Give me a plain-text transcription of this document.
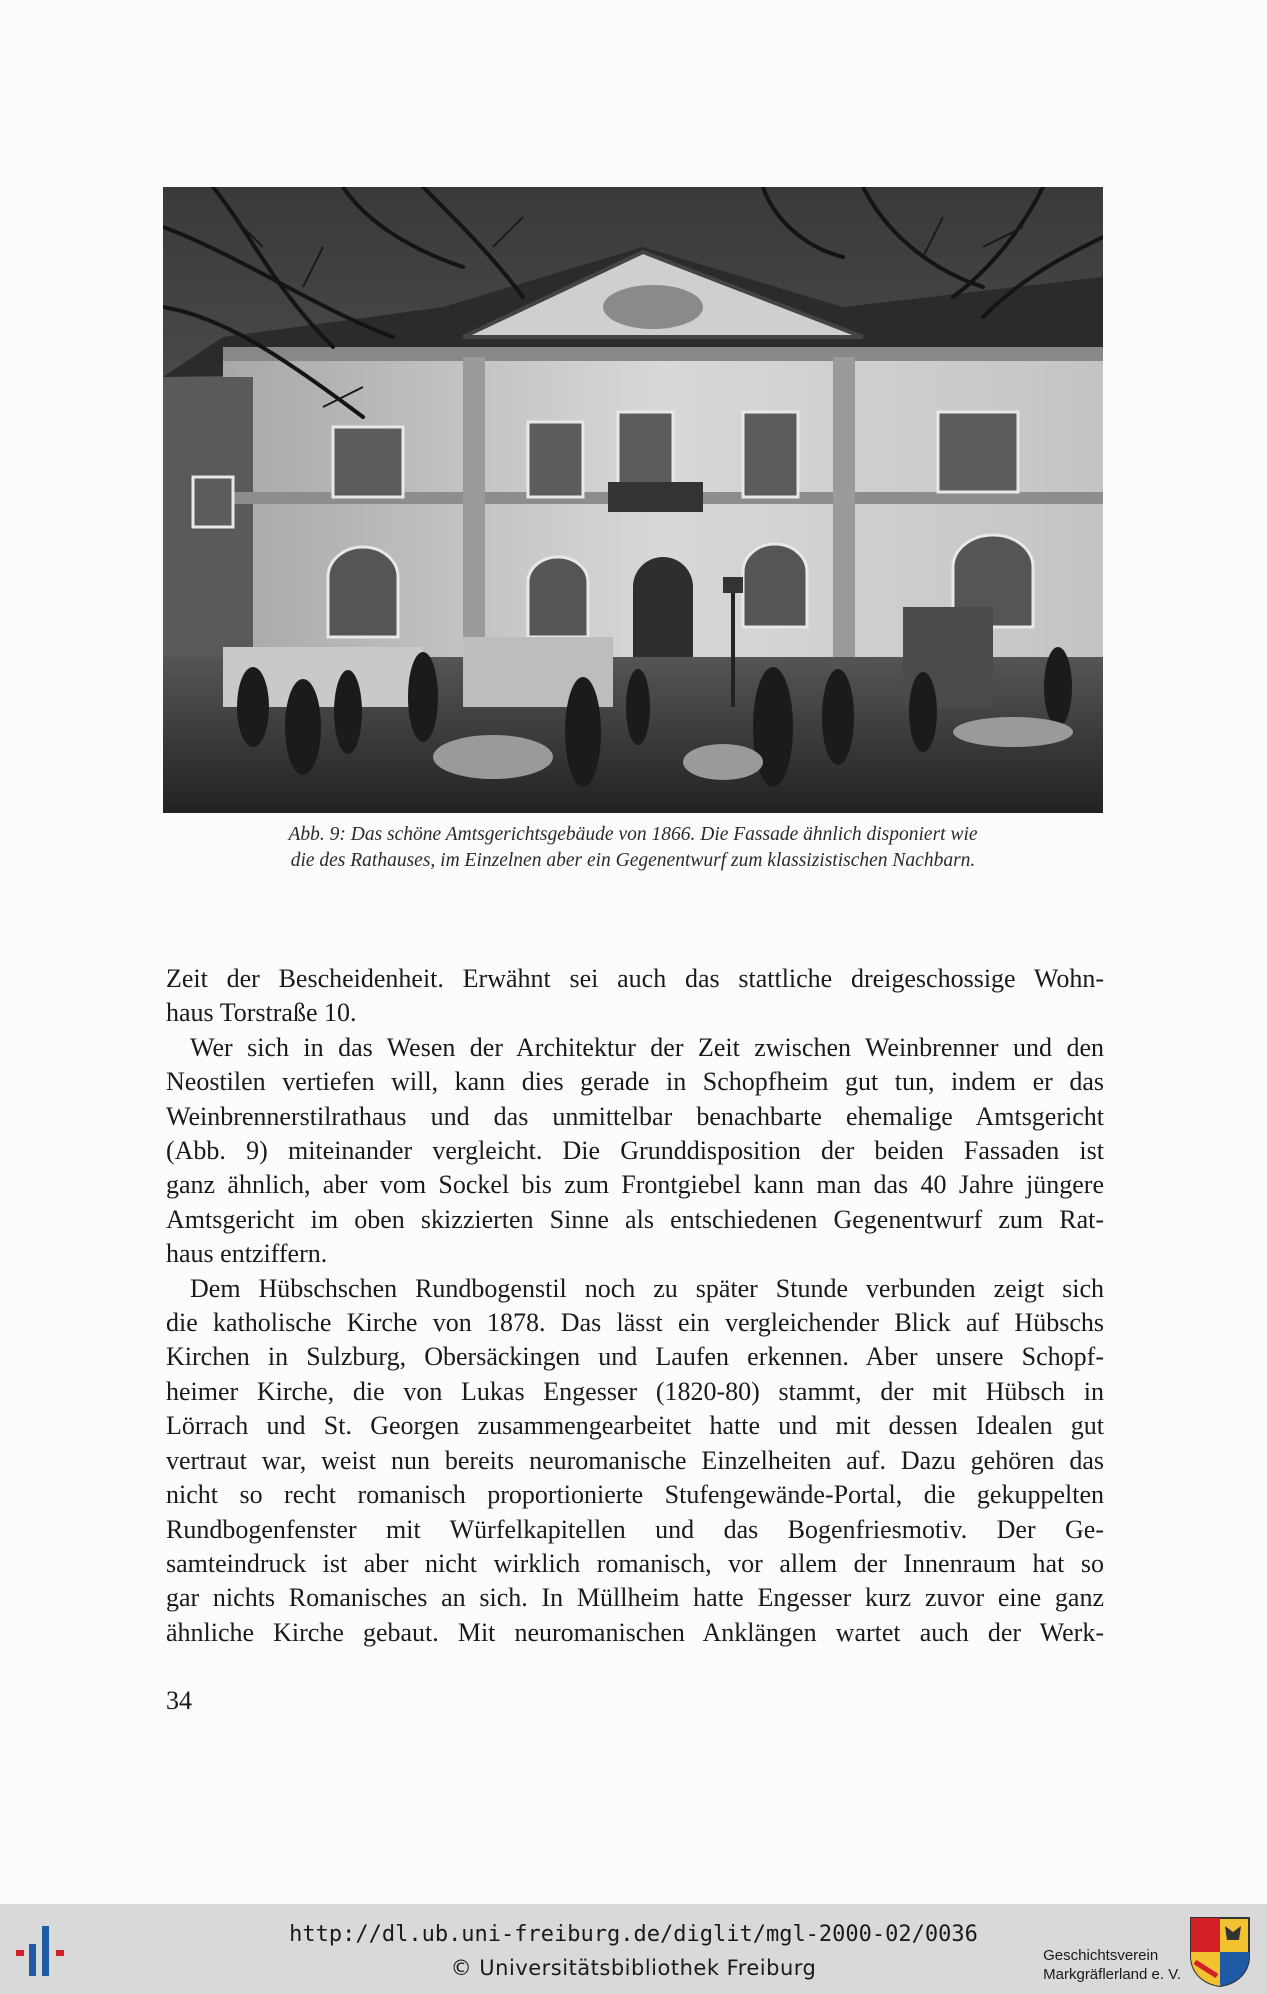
Abb. 9: Das schöne Amtsgerichtsgebäude von 1866. Die Fassade ähnlich disponiert wie
die des Rathauses, im Einzelnen aber ein Gegenentwurf zum klassizistischen Nachbarn.

Zeit der Bescheidenheit. Erwähnt sei auch das stattliche dreigeschossige Wohn-
haus Torstraße 10.

Wer sich in das Wesen der Architektur der Zeit zwischen Weinbrenner und den
Neostilen vertiefen will, kann dies gerade in Schopfheim gut tun, indem er das
Weinbrennerstilrathaus und das unmittelbar benachbarte ehemalige Amtsgericht
(Abb. 9) miteinander vergleicht. Die Grunddisposition der beiden Fassaden ist
ganz ähnlich, aber vom Sockel bis zum Frontgiebel kann man das 40 Jahre jüngere
Amtsgericht im oben skizzierten Sinne als entschiedenen Gegenentwurf zum Rat-
haus entziffern.

Dem Hübschschen Rundbogenstil noch zu später Stunde verbunden zeigt sich
die katholische Kirche von 1878. Das lässt ein vergleichender Blick auf Hübschs
Kirchen in Sulzburg, Obersäckingen und Laufen erkennen. Aber unsere Schopf-
heimer Kirche, die von Lukas Engesser (1820-80) stammt, der mit Hübsch in
Lörrach und St. Georgen zusammengearbeitet hatte und mit dessen Idealen gut
vertraut war, weist nun bereits neuromanische Einzelheiten auf. Dazu gehören das
nicht so recht romanisch proportionierte Stufengewände-Portal, die gekuppelten
Rundbogenfenster mit Würfelkapitellen und das Bogenfriesmotiv. Der Ge-
samteindruck ist aber nicht wirklich romanisch, vor allem der Innenraum hat so
gar nichts Romanisches an sich. In Müllheim hatte Engesser kurz zuvor eine ganz
ähnliche Kirche gebaut. Mit neuromanischen Anklängen wartet auch der Werk-

34
http://dl.ub.uni-freiburg.de/diglit/mgl-2000-02/0036
© Universitätsbibliothek Freiburg
Geschichtsverein
Markgräflerland e. V.
